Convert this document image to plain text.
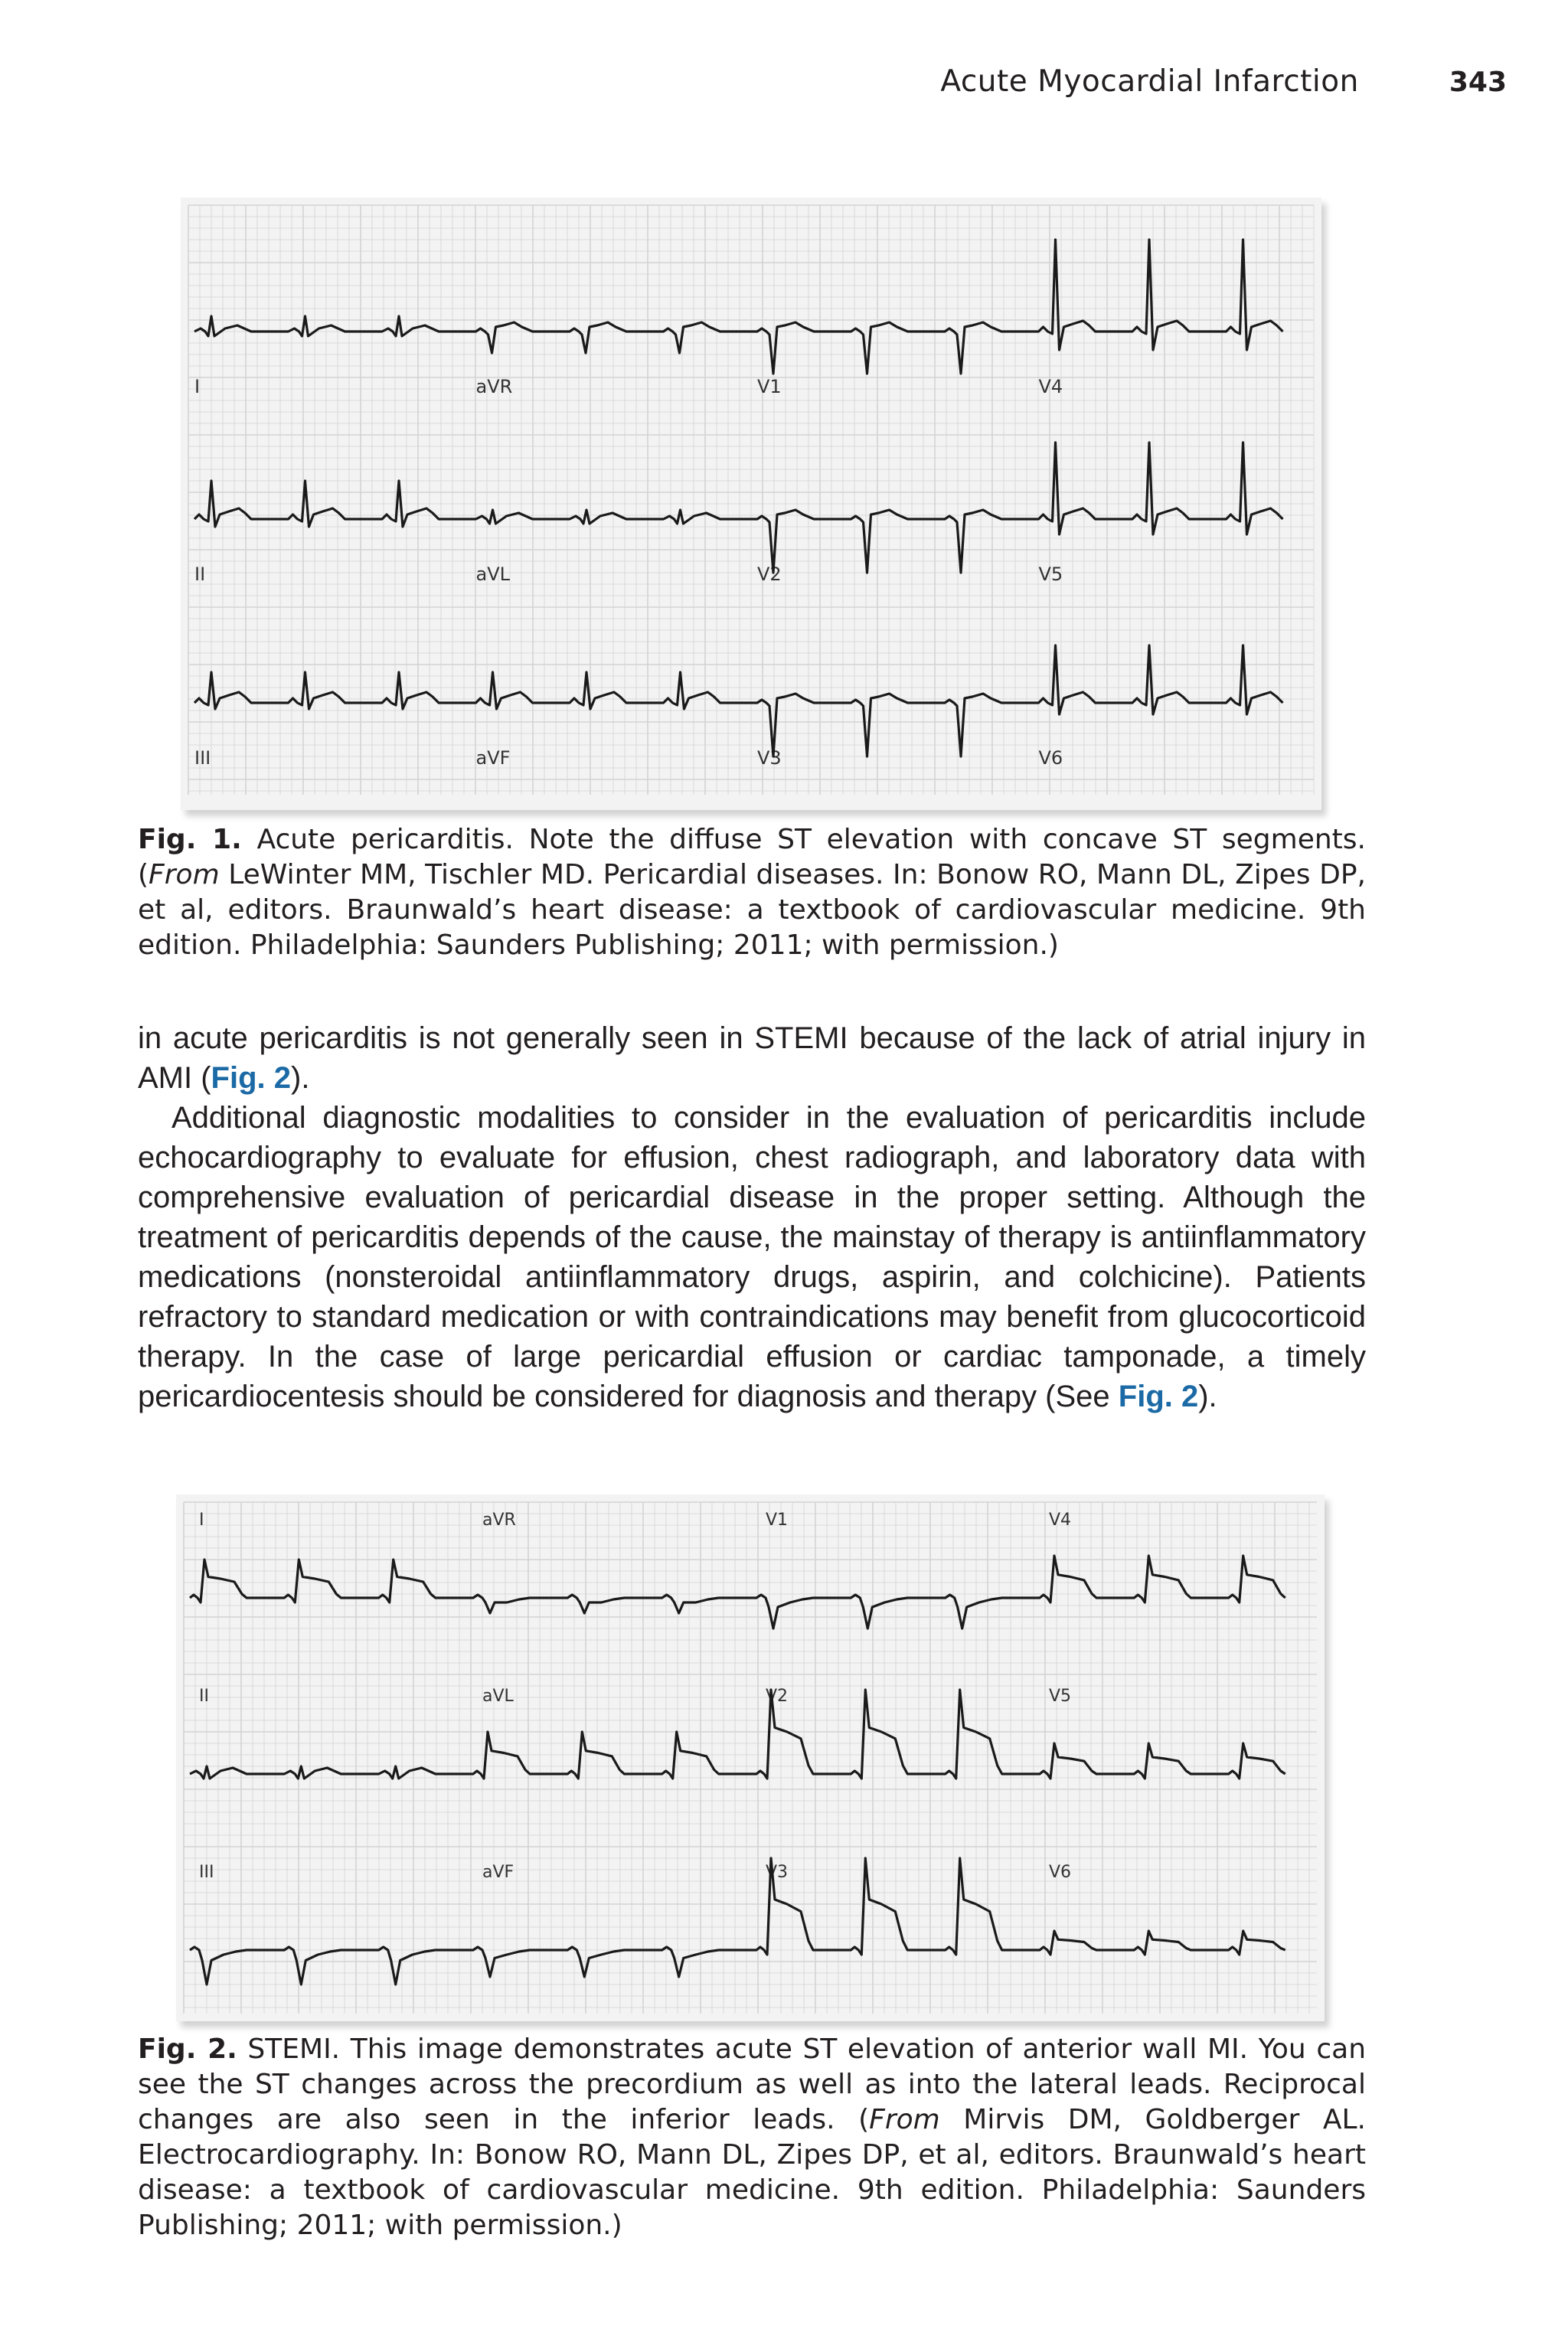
Acute Myocardial Infarction	343
I	aVR	V1	V4
II	aVL	V2	V5
III	aVF	V3	V6
Fig. 1. Acute pericarditis. Note the diffuse ST elevation with concave ST segments. (From LeWinter MM, Tischler MD. Pericardial diseases. In: Bonow RO, Mann DL, Zipes DP, et al, editors. Braunwald’s heart disease: a textbook of cardiovascular medicine. 9th edition. Philadelphia: Saunders Publishing; 2011; with permission.)

in acute pericarditis is not generally seen in STEMI because of the lack of atrial injury in AMI (Fig. 2).

Additional diagnostic modalities to consider in the evaluation of pericarditis include echocardiography to evaluate for effusion, chest radiograph, and laboratory data with comprehensive evaluation of pericardial disease in the proper setting. Although the treatment of pericarditis depends of the cause, the mainstay of therapy is antiinflammatory medications (nonsteroidal antiinflammatory drugs, aspirin, and colchicine). Patients refractory to standard medication or with contraindications may benefit from glucocorticoid therapy. In the case of large pericardial effusion or cardiac tamponade, a timely pericardiocentesis should be considered for diagnosis and therapy (See Fig. 2).

I	aVR	V1	V4
II	aVL	V2	V5
III	aVF	V3	V6
Fig. 2. STEMI. This image demonstrates acute ST elevation of anterior wall MI. You can see the ST changes across the precordium as well as into the lateral leads. Reciprocal changes are also seen in the inferior leads. (From Mirvis DM, Goldberger AL. Electrocardiography. In: Bonow RO, Mann DL, Zipes DP, et al, editors. Braunwald’s heart disease: a textbook of cardiovascular medicine. 9th edition. Philadelphia: Saunders Publishing; 2011; with permission.)
